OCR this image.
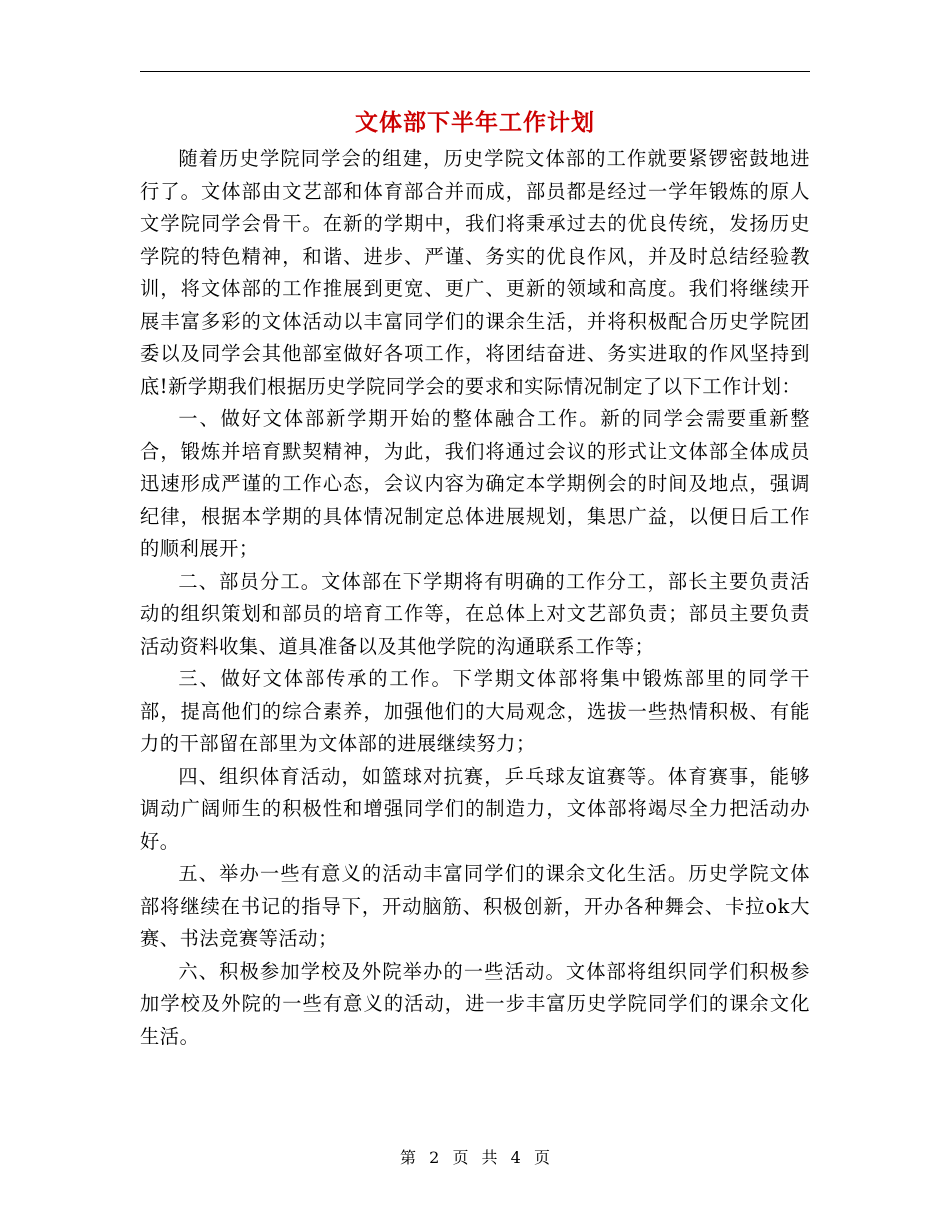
文体部下半年工作计划

随着历史学院同学会的组建，历史学院文体部的工作就要紧锣密鼓地进行了。文体部由文艺部和体育部合并而成，部员都是经过一学年锻炼的原人文学院同学会骨干。在新的学期中，我们将秉承过去的优良传统，发扬历史学院的特色精神，和谐、进步、严谨、务实的优良作风，并及时总结经验教训，将文体部的工作推展到更宽、更广、更新的领域和高度。我们将继续开展丰富多彩的文体活动以丰富同学们的课余生活，并将积极配合历史学院团委以及同学会其他部室做好各项工作，将团结奋进、务实进取的作风坚持到底!新学期我们根据历史学院同学会的要求和实际情况制定了以下工作计划：

一、做好文体部新学期开始的整体融合工作。新的同学会需要重新整合，锻炼并培育默契精神，为此，我们将通过会议的形式让文体部全体成员迅速形成严谨的工作心态，会议内容为确定本学期例会的时间及地点，强调纪律，根据本学期的具体情况制定总体进展规划，集思广益，以便日后工作的顺利展开；

二、部员分工。文体部在下学期将有明确的工作分工，部长主要负责活动的组织策划和部员的培育工作等，在总体上对文艺部负责；部员主要负责活动资料收集、道具准备以及其他学院的沟通联系工作等；

三、做好文体部传承的工作。下学期文体部将集中锻炼部里的同学干部，提高他们的综合素养，加强他们的大局观念，选拔一些热情积极、有能力的干部留在部里为文体部的进展继续努力；

四、组织体育活动，如篮球对抗赛，乒乓球友谊赛等。体育赛事，能够调动广阔师生的积极性和增强同学们的制造力，文体部将竭尽全力把活动办好。

五、举办一些有意义的活动丰富同学们的课余文化生活。历史学院文体部将继续在书记的指导下，开动脑筋、积极创新，开办各种舞会、卡拉ok大赛、书法竞赛等活动；

六、积极参加学校及外院举办的一些活动。文体部将组织同学们积极参加学校及外院的一些有意义的活动，进一步丰富历史学院同学们的课余文化生活。

第 2 页 共 4 页
